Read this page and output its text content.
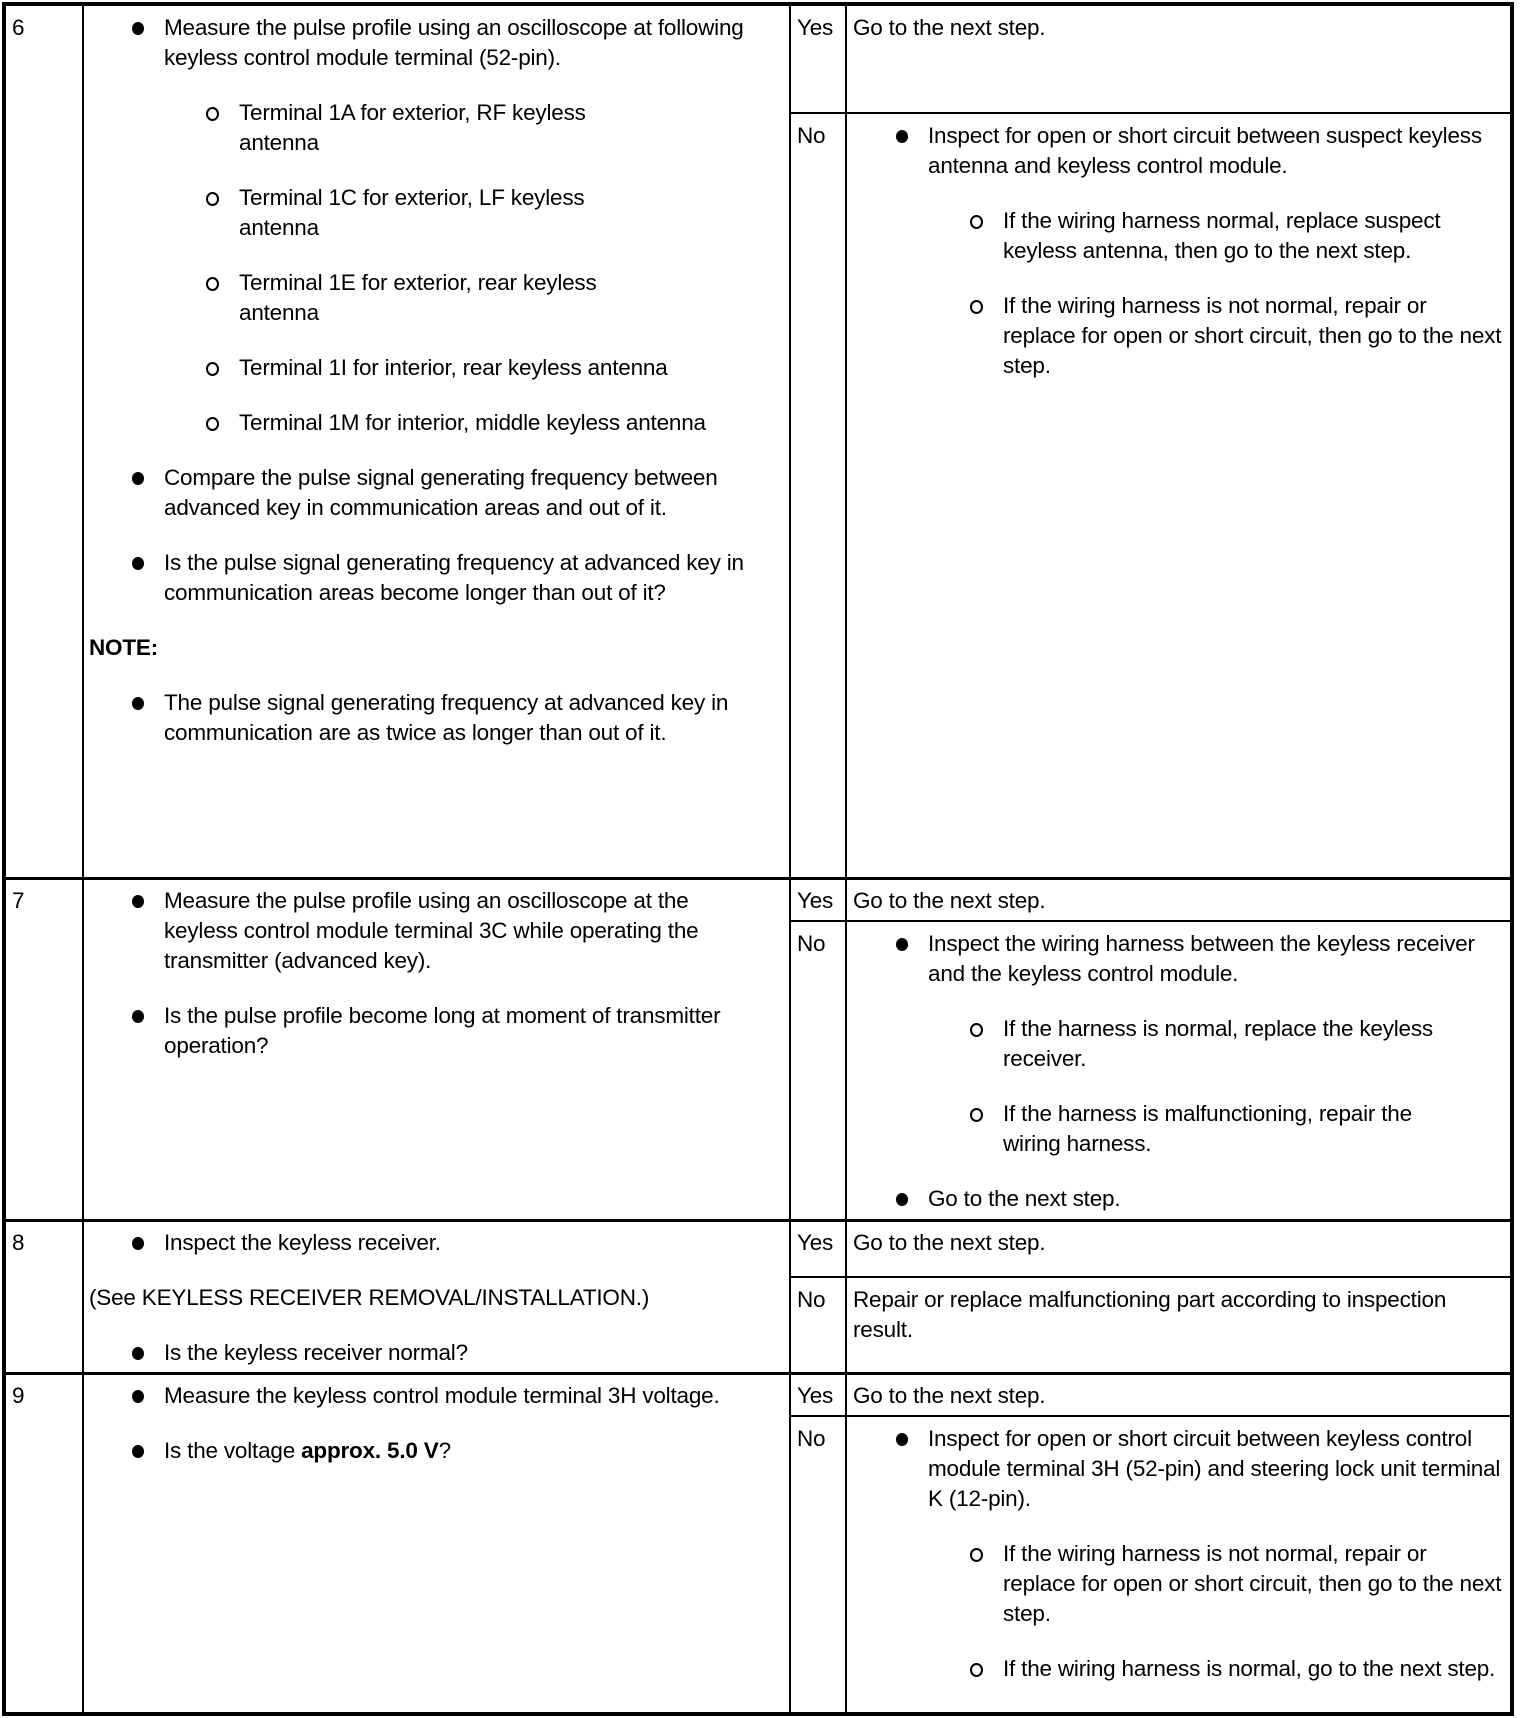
6	Measure the pulse profile using an oscilloscope at following keyless control module terminal (52-pin).
Terminal 1A for exterior, RF keyless antenna
Terminal 1C for exterior, LF keyless antenna
Terminal 1E for exterior, rear keyless antenna
Terminal 1I for interior, rear keyless antenna
Terminal 1M for interior, middle keyless antenna
Compare the pulse signal generating frequency between advanced key in communication areas and out of it.
Is the pulse signal generating frequency at advanced key in communication areas become longer than out of it?
NOTE:
The pulse signal generating frequency at advanced key in communication are as twice as longer than out of it.
Yes Go to the next step.
No	Inspect for open or short circuit between suspect keyless antenna and keyless control module.
If the wiring harness normal, replace suspect keyless antenna, then go to the next step.
If the wiring harness is not normal, repair or replace for open or short circuit, then go to the next step.
7	Measure the pulse profile using an oscilloscope at the keyless control module terminal 3C while operating the transmitter (advanced key).
Is the pulse profile become long at moment of transmitter operation?
Yes Go to the next step.
No	Inspect the wiring harness between the keyless receiver and the keyless control module.
If the harness is normal, replace the keyless receiver.
If the harness is malfunctioning, repair the wiring harness.
Go to the next step.
8	Inspect the keyless receiver.
(See KEYLESS RECEIVER REMOVAL/INSTALLATION.)
Is the keyless receiver normal?
Yes Go to the next step.
No	Repair or replace malfunctioning part according to inspection result.
9	Measure the keyless control module terminal 3H voltage.
Is the voltage approx. 5.0 V?
Yes Go to the next step.
No	Inspect for open or short circuit between keyless control module terminal 3H (52-pin) and steering lock unit terminal K (12-pin).
If the wiring harness is not normal, repair or replace for open or short circuit, then go to the next step.
If the wiring harness is normal, go to the next step.
